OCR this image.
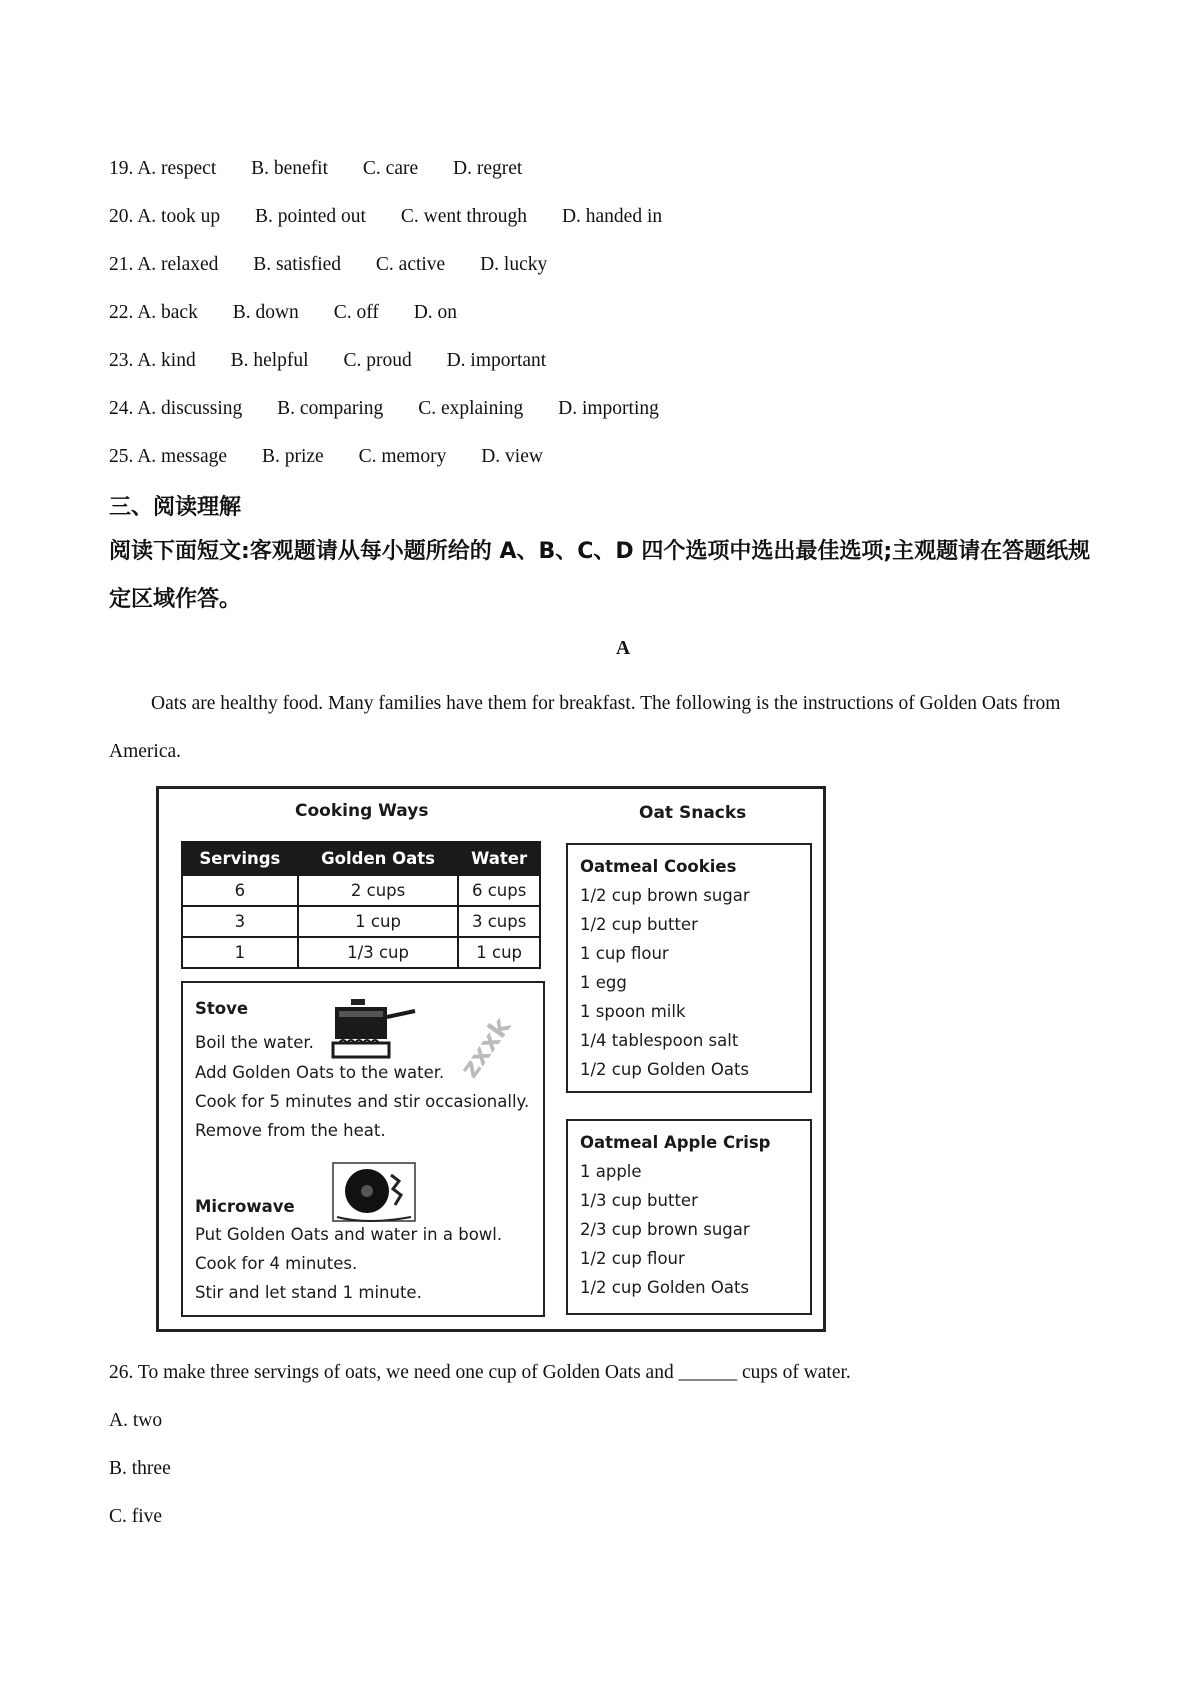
19. A. respect B. benefit C. care D. regret
20. A. took up B. pointed out C. went through D. handed in
21. A. relaxed B. satisfied C. active D. lucky
22. A. back B. down C. off D. on
23. A. kind B. helpful C. proud D. important
24. A. discussing B. comparing C. explaining D. importing
25. A. message B. prize C. memory D. view
三、阅读理解
阅读下面短文:客观题请从每小题所给的 A、B、C、D 四个选项中选出最佳选项;主观题请在答题纸规定区域作答。
A
Oats are healthy food. Many families have them for breakfast. The following is the instructions of Golden Oats from America.
Cooking Ways	Oat Snacks
Servings	Golden Oats	Water
6	2 cups	6 cups
3	1 cup	3 cups
1	1/3 cup	1 cup
Stove
Boil the water.
Add Golden Oats to the water.
Cook for 5 minutes and stir occasionally.
Remove from the heat.
zxxk
Microwave
Put Golden Oats and water in a bowl.
Cook for 4 minutes.
Stir and let stand 1 minute.
Oatmeal Cookies
1/2 cup brown sugar
1/2 cup butter
1 cup flour
1 egg
1 spoon milk
1/4 tablespoon salt
1/2 cup Golden Oats
Oatmeal Apple Crisp
1 apple
1/3 cup butter
2/3 cup brown sugar
1/2 cup flour
1/2 cup Golden Oats
26. To make three servings of oats, we need one cup of Golden Oats and ______ cups of water.
A. two
B. three
C. five
